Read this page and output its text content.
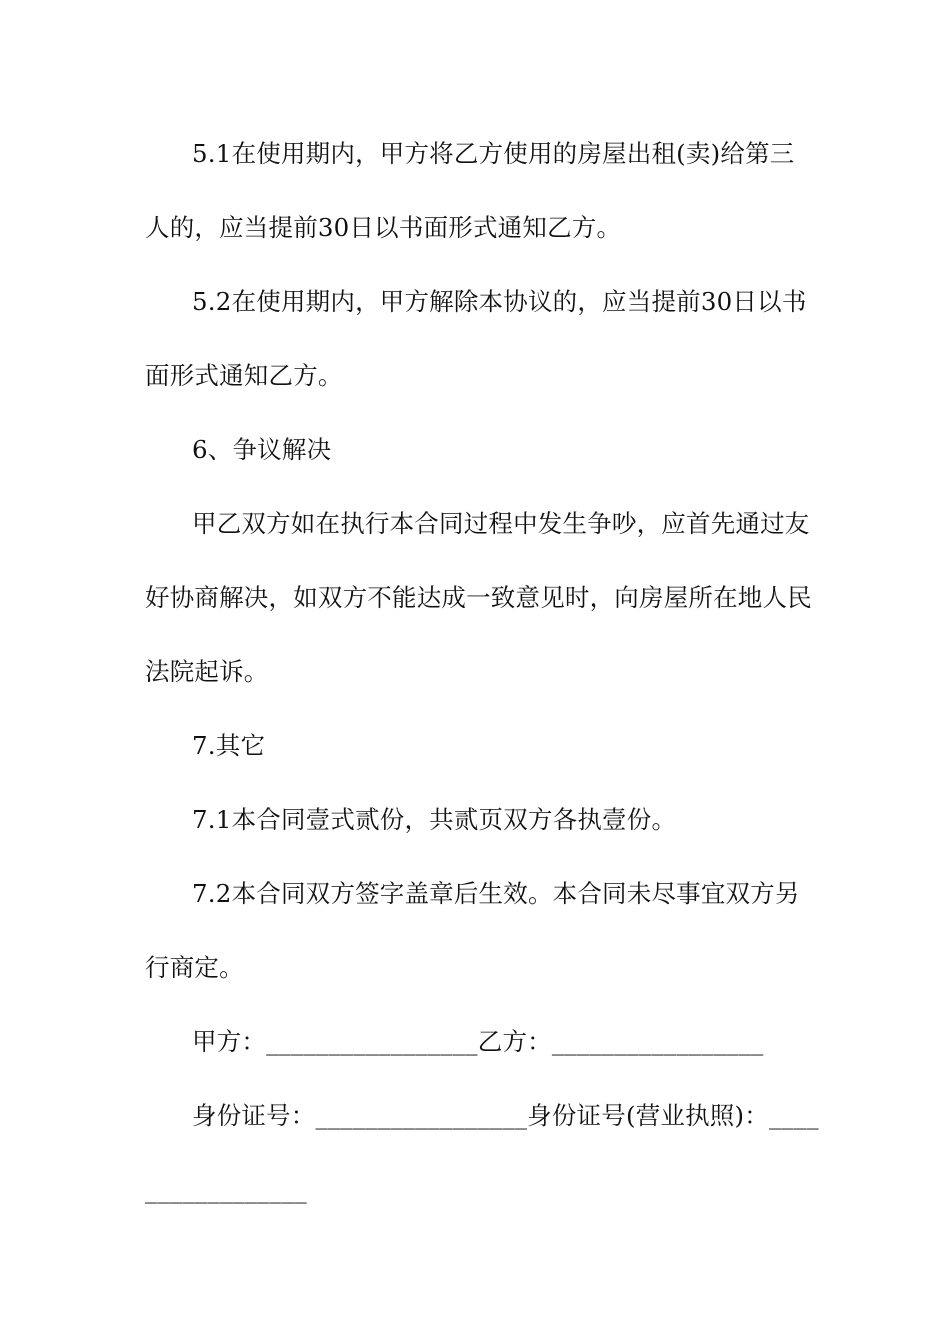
5.1在使用期内，甲方将乙方使用的房屋出租(卖)给第三
人的，应当提前30日以书面形式通知乙方。
5.2在使用期内，甲方解除本协议的，应当提前30日以书
面形式通知乙方。
6、争议解决
甲乙双方如在执行本合同过程中发生争吵，应首先通过友
好协商解决，如双方不能达成一致意见时，向房屋所在地人民
法院起诉。
7.其它
7.1本合同壹式贰份，共贰页双方各执壹份。
7.2本合同双方签字盖章后生效。本合同未尽事宜双方另
行商定。
甲方：_________________乙方：_________________
身份证号：_________________身份证号(营业执照)：____
_____________
